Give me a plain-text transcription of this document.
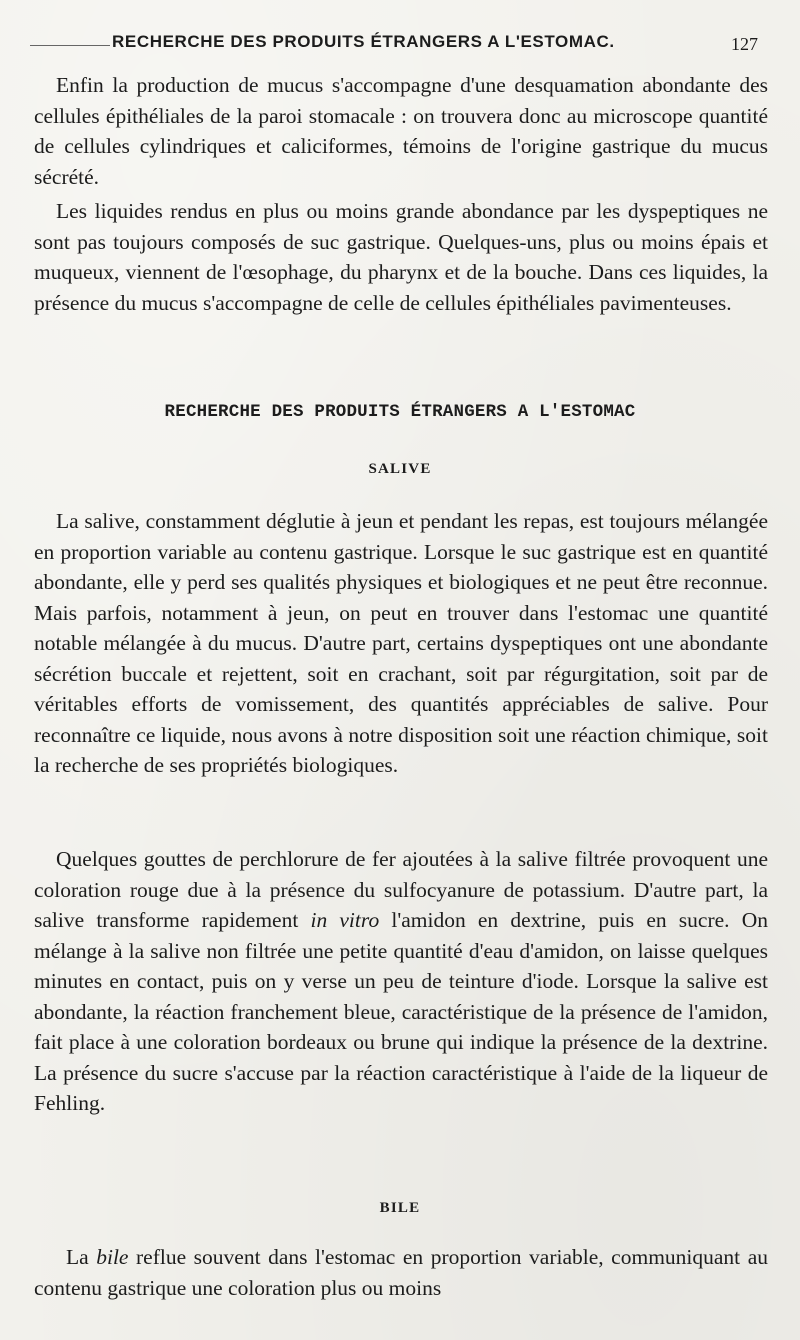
RECHERCHE DES PRODUITS ÉTRANGERS A L'ESTOMAC.	127

Enfin la production de mucus s'accompagne d'une desquamation abondante des cellules épithéliales de la paroi stomacale : on trouvera donc au microscope quantité de cellules cylindriques et caliciformes, témoins de l'origine gastrique du mucus sécrété.

Les liquides rendus en plus ou moins grande abondance par les dyspeptiques ne sont pas toujours composés de suc gastrique. Quelques-uns, plus ou moins épais et muqueux, viennent de l'œsophage, du pharynx et de la bouche. Dans ces liquides, la présence du mucus s'accompagne de celle de cellules épithéliales pavimenteuses.

RECHERCHE DES PRODUITS ÉTRANGERS A L'ESTOMAC
SALIVE

La salive, constamment déglutie à jeun et pendant les repas, est toujours mélangée en proportion variable au contenu gastrique. Lorsque le suc gastrique est en quantité abondante, elle y perd ses qualités physiques et biologiques et ne peut être reconnue. Mais parfois, notamment à jeun, on peut en trouver dans l'estomac une quantité notable mélangée à du mucus. D'autre part, certains dyspeptiques ont une abondante sécrétion buccale et rejettent, soit en crachant, soit par régurgitation, soit par de véritables efforts de vomissement, des quantités appréciables de salive. Pour reconnaître ce liquide, nous avons à notre disposition soit une réaction chimique, soit la recherche de ses propriétés biologiques.

Quelques gouttes de perchlorure de fer ajoutées à la salive filtrée provoquent une coloration rouge due à la présence du sulfocyanure de potassium. D'autre part, la salive transforme rapidement in vitro l'amidon en dextrine, puis en sucre. On mélange à la salive non filtrée une petite quantité d'eau d'amidon, on laisse quelques minutes en contact, puis on y verse un peu de teinture d'iode. Lorsque la salive est abondante, la réaction franchement bleue, caractéristique de la présence de l'amidon, fait place à une coloration bordeaux ou brune qui indique la présence de la dextrine. La présence du sucre s'accuse par la réaction caractéristique à l'aide de la liqueur de Fehling.

BILE

La bile reflue souvent dans l'estomac en proportion variable, communiquant au contenu gastrique une coloration plus ou moins
